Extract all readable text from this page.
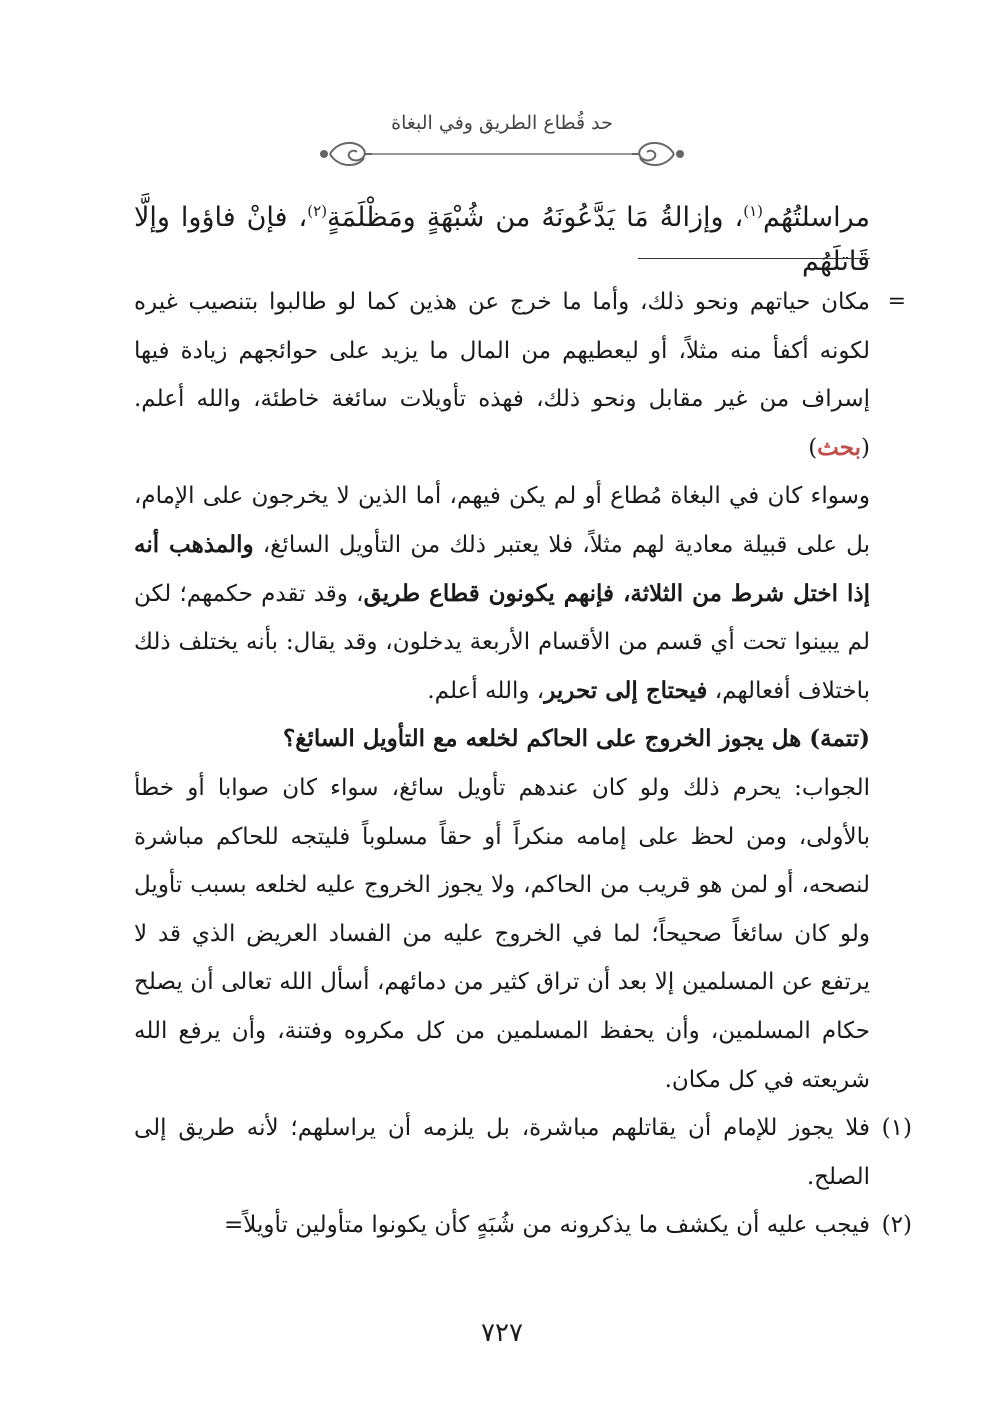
حد قُطاع الطريق وفي البغاة
مراسلتُهُم$^{(١)}$، وإزالةُ مَا يَدَّعُونَهُ من شُبْهَةٍ ومَظْلَمَةٍ$^{(٢)}$، فإنْ فاؤوا وإلَّا قَاتلَهُم

=
مكان حياتهم ونحو ذلك، وأما ما خرج عن هذين كما لو طالبوا بتنصيب غيره لكونه أكفأ منه مثلاً، أو ليعطيهم من المال ما يزيد على حوائجهم زيادة فيها إسراف من غير مقابل ونحو ذلك، فهذه تأويلات سائغة خاطئة، والله أعلم. (بحث)

وسواء كان في البغاة مُطاع أو لم يكن فيهم، أما الذين لا يخرجون على الإمام، بل على قبيلة معادية لهم مثلاً، فلا يعتبر ذلك من التأويل السائغ، والمذهب أنه إذا اختل شرط من الثلاثة، فإنهم يكونون قطاع طريق، وقد تقدم حكمهم؛ لكن لم يبينوا تحت أي قسم من الأقسام الأربعة يدخلون، وقد يقال: بأنه يختلف ذلك باختلاف أفعالهم، فيحتاج إلى تحرير، والله أعلم.

(تتمة) هل يجوز الخروج على الحاكم لخلعه مع التأويل السائغ؟

الجواب: يحرم ذلك ولو كان عندهم تأويل سائغ، سواء كان صوابا أو خطأ بالأولى، ومن لحظ على إمامه منكراً أو حقاً مسلوباً فليتجه للحاكم مباشرة لنصحه، أو لمن هو قريب من الحاكم، ولا يجوز الخروج عليه لخلعه بسبب تأويل ولو كان سائغاً صحيحاً؛ لما في الخروج عليه من الفساد العريض الذي قد لا يرتفع عن المسلمين إلا بعد أن تراق كثير من دمائهم، أسأل الله تعالى أن يصلح حكام المسلمين، وأن يحفظ المسلمين من كل مكروه وفتنة، وأن يرفع الله شريعته في كل مكان.

(١)
فلا يجوز للإمام أن يقاتلهم مباشرة، بل يلزمه أن يراسلهم؛ لأنه طريق إلى الصلح.

(٢)
فيجب عليه أن يكشف ما يذكرونه من شُبَهٍ كأن يكونوا متأولين تأويلاً=

٧٢٧
